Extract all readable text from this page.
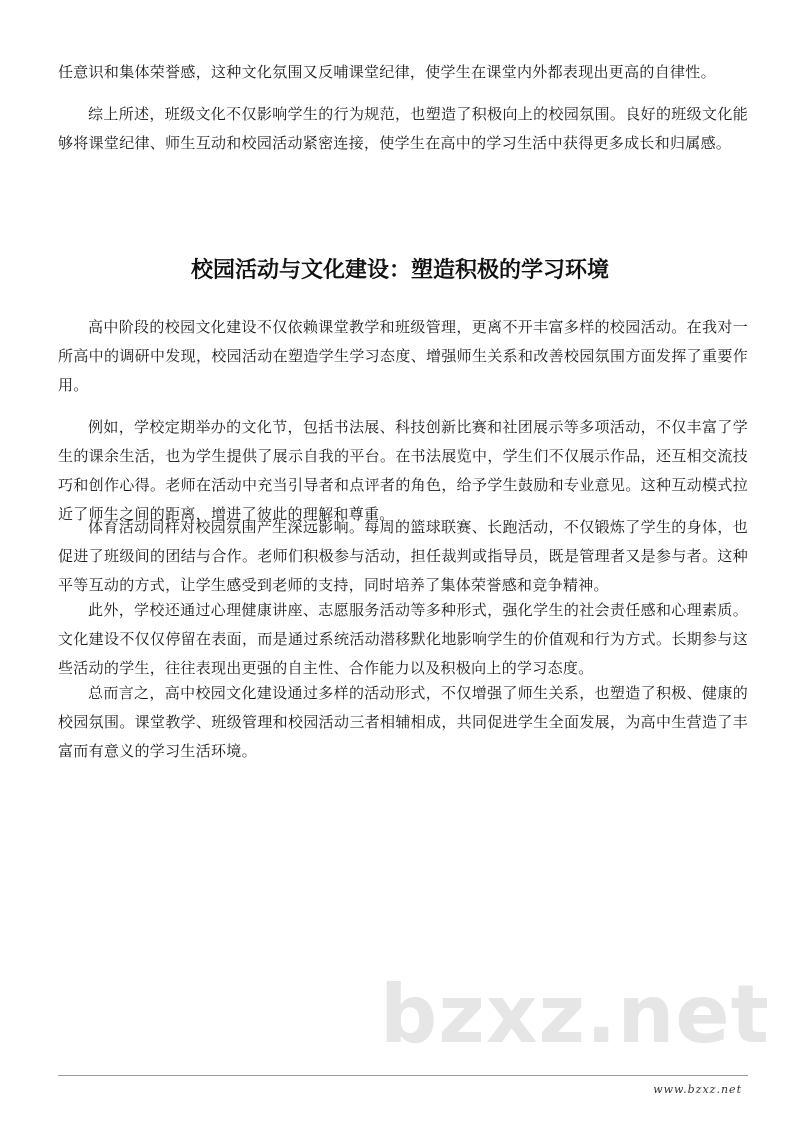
任意识和集体荣誉感，这种文化氛围又反哺课堂纪律，使学生在课堂内外都表现出更高的自律性。

综上所述，班级文化不仅影响学生的行为规范，也塑造了积极向上的校园氛围。良好的班级文化能够将课堂纪律、师生互动和校园活动紧密连接，使学生在高中的学习生活中获得更多成长和归属感。

校园活动与文化建设：塑造积极的学习环境

高中阶段的校园文化建设不仅依赖课堂教学和班级管理，更离不开丰富多样的校园活动。在我对一所高中的调研中发现，校园活动在塑造学生学习态度、增强师生关系和改善校园氛围方面发挥了重要作用。

例如，学校定期举办的文化节，包括书法展、科技创新比赛和社团展示等多项活动，不仅丰富了学生的课余生活，也为学生提供了展示自我的平台。在书法展览中，学生们不仅展示作品，还互相交流技巧和创作心得。老师在活动中充当引导者和点评者的角色，给予学生鼓励和专业意见。这种互动模式拉近了师生之间的距离，增进了彼此的理解和尊重。

体育活动同样对校园氛围产生深远影响。每周的篮球联赛、长跑活动，不仅锻炼了学生的身体，也促进了班级间的团结与合作。老师们积极参与活动，担任裁判或指导员，既是管理者又是参与者。这种平等互动的方式，让学生感受到老师的支持，同时培养了集体荣誉感和竞争精神。

此外，学校还通过心理健康讲座、志愿服务活动等多种形式，强化学生的社会责任感和心理素质。文化建设不仅仅停留在表面，而是通过系统活动潜移默化地影响学生的价值观和行为方式。长期参与这些活动的学生，往往表现出更强的自主性、合作能力以及积极向上的学习态度。

总而言之，高中校园文化建设通过多样的活动形式，不仅增强了师生关系，也塑造了积极、健康的校园氛围。课堂教学、班级管理和校园活动三者相辅相成，共同促进学生全面发展，为高中生营造了丰富而有意义的学习生活环境。

bzxz.net
www.bzxz.net
